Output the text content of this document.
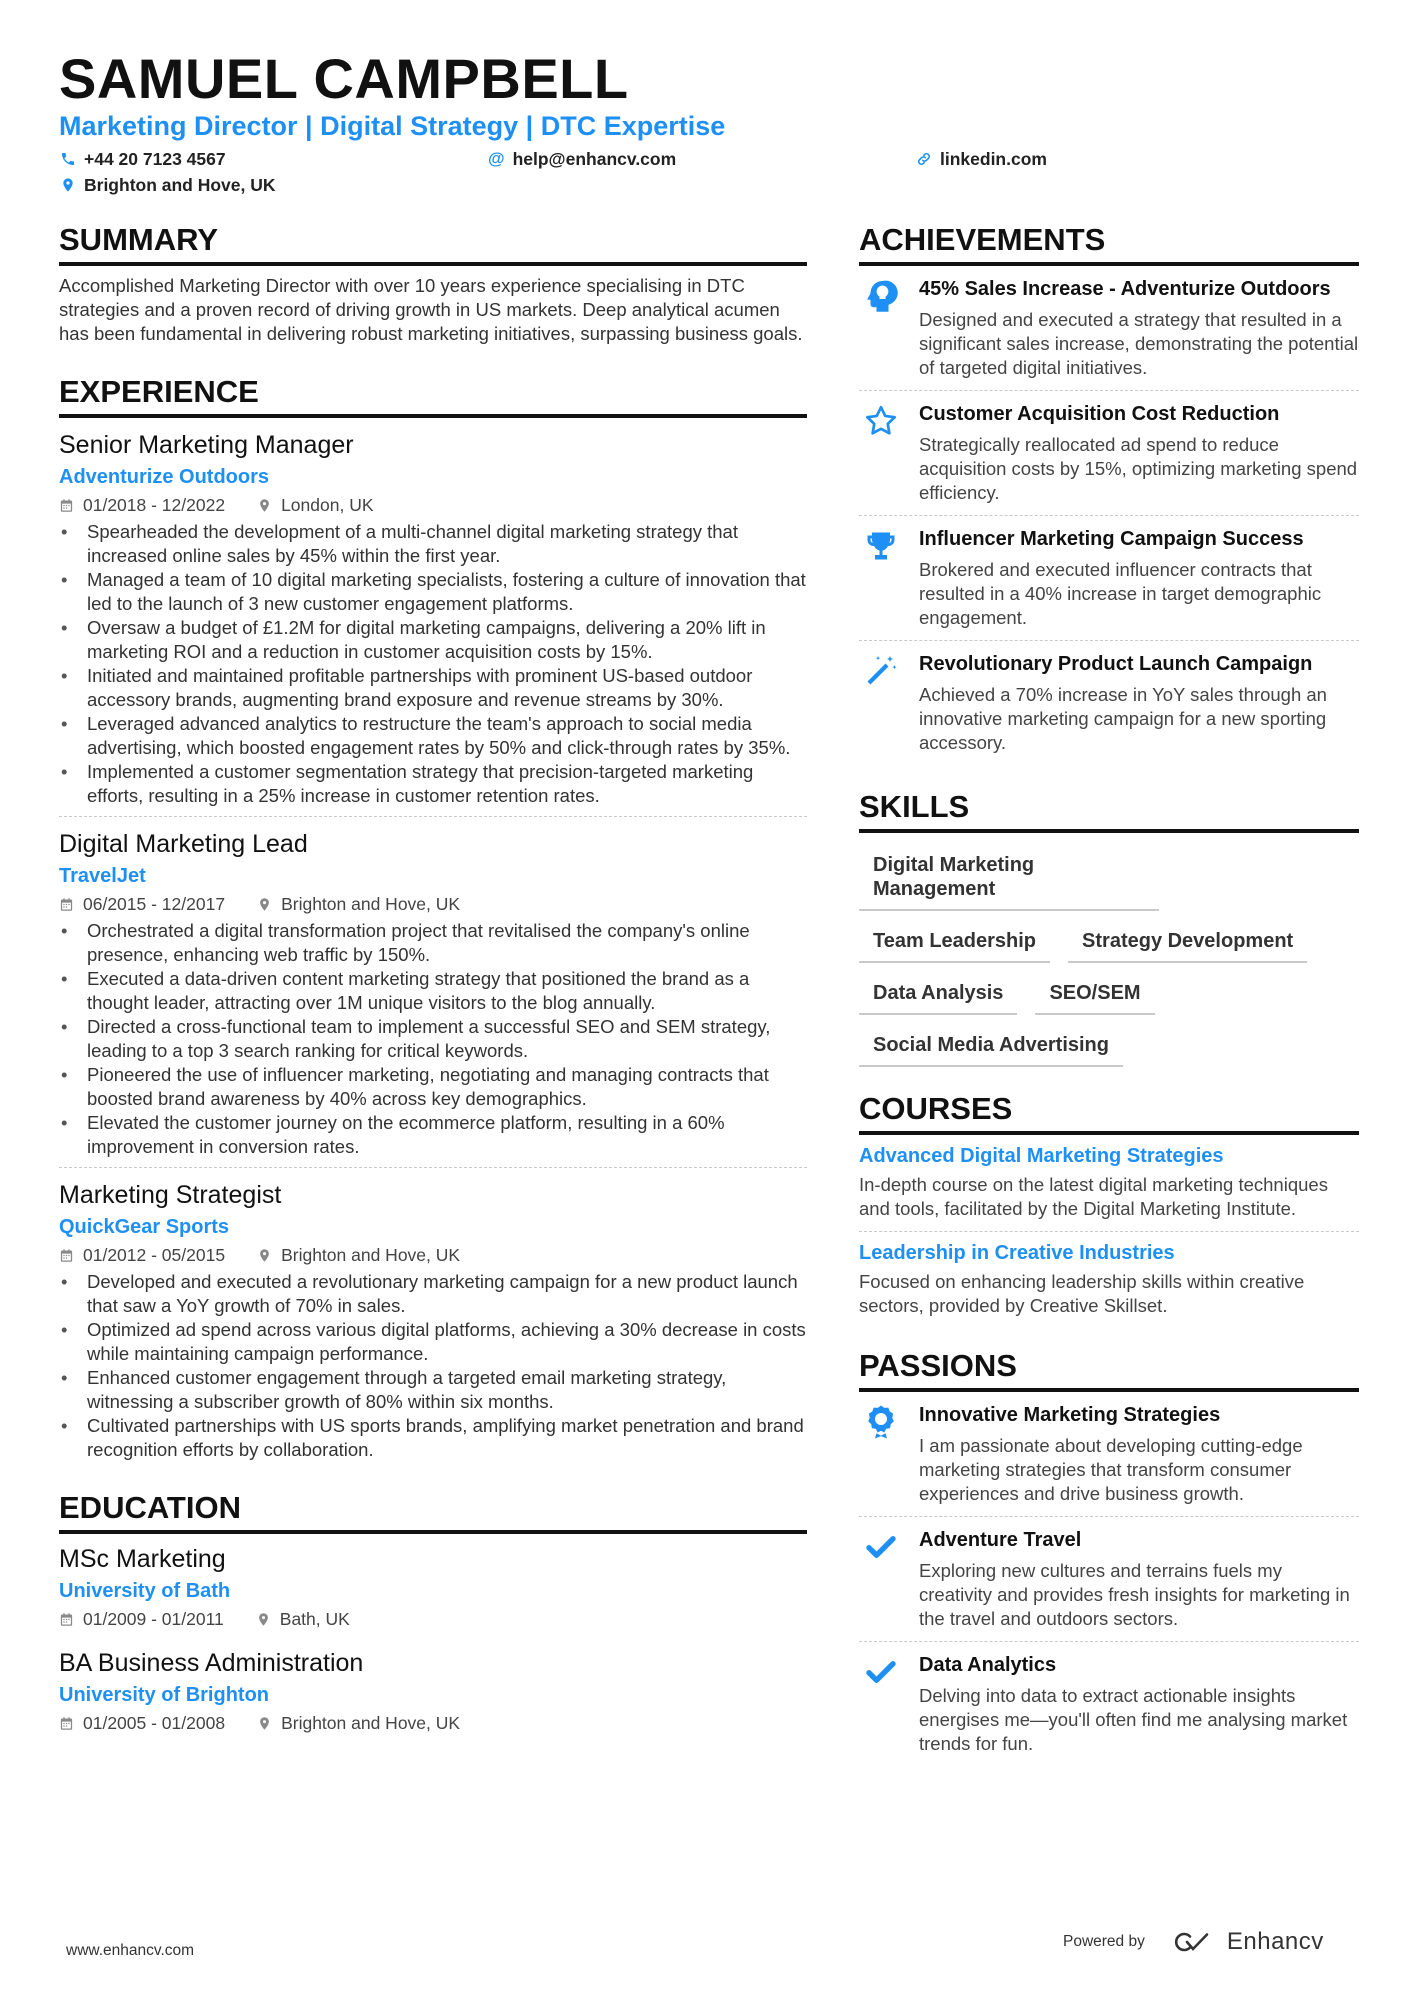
SAMUEL CAMPBELL
Marketing Director | Digital Strategy | DTC Expertise
+44 20 7123 4567	@ help@enhancv.com	linkedin.com
Brighton and Hove, UK
SUMMARY

Accomplished Marketing Director with over 10 years experience specialising in DTC strategies and a proven record of driving growth in US markets. Deep analytical acumen has been fundamental in delivering robust marketing initiatives, surpassing business goals.

EXPERIENCE
Senior Marketing Manager
Adventurize Outdoors
01/2018 - 12/2022	London, UK
• Spearheaded the development of a multi-channel digital marketing strategy that increased online sales by 45% within the first year.
• Managed a team of 10 digital marketing specialists, fostering a culture of innovation that led to the launch of 3 new customer engagement platforms.
• Oversaw a budget of £1.2M for digital marketing campaigns, delivering a 20% lift in marketing ROI and a reduction in customer acquisition costs by 15%.
• Initiated and maintained profitable partnerships with prominent US-based outdoor accessory brands, augmenting brand exposure and revenue streams by 30%.
• Leveraged advanced analytics to restructure the team's approach to social media advertising, which boosted engagement rates by 50% and click-through rates by 35%.
• Implemented a customer segmentation strategy that precision-targeted marketing efforts, resulting in a 25% increase in customer retention rates.
Digital Marketing Lead
TravelJet
06/2015 - 12/2017	Brighton and Hove, UK
• Orchestrated a digital transformation project that revitalised the company's online presence, enhancing web traffic by 150%.
• Executed a data-driven content marketing strategy that positioned the brand as a thought leader, attracting over 1M unique visitors to the blog annually.
• Directed a cross-functional team to implement a successful SEO and SEM strategy, leading to a top 3 search ranking for critical keywords.
• Pioneered the use of influencer marketing, negotiating and managing contracts that boosted brand awareness by 40% across key demographics.
• Elevated the customer journey on the ecommerce platform, resulting in a 60% improvement in conversion rates.
Marketing Strategist
QuickGear Sports
01/2012 - 05/2015	Brighton and Hove, UK
• Developed and executed a revolutionary marketing campaign for a new product launch that saw a YoY growth of 70% in sales.
• Optimized ad spend across various digital platforms, achieving a 30% decrease in costs while maintaining campaign performance.
• Enhanced customer engagement through a targeted email marketing strategy, witnessing a subscriber growth of 80% within six months.
• Cultivated partnerships with US sports brands, amplifying market penetration and brand recognition efforts by collaboration.
EDUCATION
MSc Marketing
University of Bath
01/2009 - 01/2011	Bath, UK
BA Business Administration
University of Brighton
01/2005 - 01/2008	Brighton and Hove, UK
ACHIEVEMENTS
45% Sales Increase - Adventurize Outdoors
Designed and executed a strategy that resulted in a significant sales increase, demonstrating the potential of targeted digital initiatives.
Customer Acquisition Cost Reduction
Strategically reallocated ad spend to reduce acquisition costs by 15%, optimizing marketing spend efficiency.
Influencer Marketing Campaign Success
Brokered and executed influencer contracts that resulted in a 40% increase in target demographic engagement.
Revolutionary Product Launch Campaign
Achieved a 70% increase in YoY sales through an innovative marketing campaign for a new sporting accessory.
SKILLS
Digital Marketing Management
Team Leadership	Strategy Development
Data Analysis	SEO/SEM
Social Media Advertising
COURSES
Advanced Digital Marketing Strategies
In-depth course on the latest digital marketing techniques and tools, facilitated by the Digital Marketing Institute.
Leadership in Creative Industries
Focused on enhancing leadership skills within creative sectors, provided by Creative Skillset.
PASSIONS
Innovative Marketing Strategies
I am passionate about developing cutting-edge marketing strategies that transform consumer experiences and drive business growth.
Adventure Travel
Exploring new cultures and terrains fuels my creativity and provides fresh insights for marketing in the travel and outdoors sectors.
Data Analytics
Delving into data to extract actionable insights energises me—you'll often find me analysing market trends for fun.
www.enhancv.com
Powered by	Enhancv
